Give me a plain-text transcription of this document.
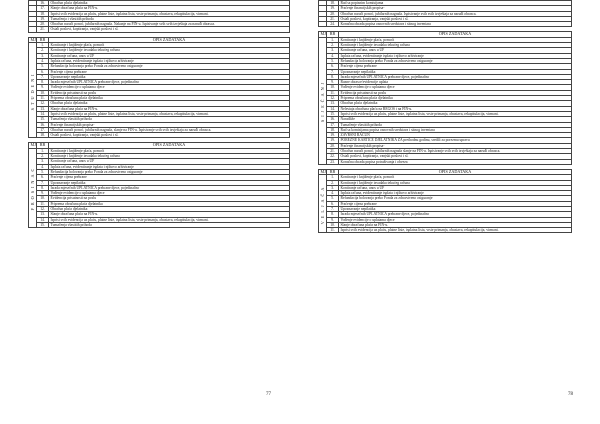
	16.	Obračun plaća djelatnika
	17.	Slanje obračuna plaća na FIN-u.
	18.	Isprisi svih evidencija uz plaću, platne liste, isplatna lista, vrste primanja, obustava, rekapitulacija, virmani.
	19.	Tumačenja i vlastitih prihoda
	20.	Obračun naruči ponoć, jubilarnih nagrada. Nakanje na FIN-u. Ispisivanje svih svih izvještaja za naruđi obrasca.
	21.	Ostali poslovi, koptiranja, vanjski poslovi i sl.
MJ.	RB	OPIS ZADATAKA
STUDENI	1.	Kontiranje i knjiženje plaća, pomoći
	2.	Kontiranje i knjiženje izvadaka tekućeg računa
	3.	Kontiranje računa, unos u UF
	4.	Isplata računa, evidentiranje isplata i njihovo arhiviranje
	5.	Refundacija bolovanja preko Fonda za zdravstveno osiguranje
	6.	Praćenje cijena prehrane
	7.	Upoznavanje nepilatika
	8.	Izrada mjesečnih UPLATNICA prehrane djece, pojedinačno
	9.	Vođenje evidencije o uplatama djece
	10.	Evidencija prisutnosti na poslu
	11.	Priprema obračuna plaća djelatnika
	12.	Obračun plaća djelatnika
	13.	Slanje obračuna plaća na FIN-u.
	14.	Isprisi svih evidencija uz plaću, platne liste, isplatna lista, vrste primanja, obustava, rekapitulacija, virmani.
	15.	Tumačenja vlastitih prihoda
	16.	Praćenje financijskih propisa-
	17.	Obračun naruči ponoć, jubilarnih nagrada, slanje na FIN-u. Ispisivanje svih svih izvještaja za naruđi obrasca.
	18.	Ostali poslovi, koptiranja, vanjski poslovi i sl.
MJ.	RB	OPIS ZADATAKA
PROSINAC	1.	Kontiranje i knjiženje plaća, pomoći
	2.	Kontiranje i knjiženje izvadaka tekućeg računa
	3.	Kontiranje računa, unos u UF
	4.	Isplata računa, evidentiranje isplata i njihovo arhiviranje
	5.	Refundacija bolovanja preko Fonda za zdravstveno osiguranje
	6.	Praćenje cijena prehrane
	7.	Upoznavanje nepilatika
	8.	Izrada mjesečnih UPLATNICA prehrane djece, pojedinačno
	9.	Vođenje evidencije o uplatama djece
	10.	Evidencija prisutnosti na poslu
	11.	Priprema obračuna plaća djelatnika
	12.	Obračun plaća djelatnika
	13.	Slanje obračuna plaća na FIN-u.
	14.	Isprisi svih evidencija uz plaću, platne liste, isplatna lista, vrste primanja, obustava, rekapitulacija, virmani.
	15.	Tumačenja vlastitih prihoda
77
	18.	Rad sa popisnim komisijama
	19.	Praćenje financijskih propisa-
	20.	Obračun naruči ponoć, jubilarnih nagrada. Ispisivanje svih svih izvještaja za naruđi obrasca.
	21.	Ostali poslovi, koptiranja, vanjski poslovi i sl.
	24.	Konačna obrada popisa osnovnih sredstava i sitnog inventara
MJ.	RB	OPIS ZADATAKA
SIJEČANJ	1.	Kontiranje i knjiženje plaća, pomoći
	2.	Kontiranje i knjiženje izvadaka tekućeg računa
	3.	Kontiranje računa, unos u UF
	4.	Isplata računa, evidentiranje isplata i njihovo arhiviranje
	5.	Refundacija bolovanja preko Fonda za zdravstveno osiguranje
	6.	Praćenje cijena prehrane
	7.	Upoznavanje nepilatika
	8.	Izrada mjesečnih UPLATNICA prehrane djece, pojedinačno
	9.	Razne obrasce/evidencije uplata
	10.	Vođenje evidencije o uplatama djece
	11.	Evidencija prisutnosti na poslu
	12.	Priprema obračuna plaća djelatnika
	13.	Obračun plaća djelatnika
	14.	Nelesiuja obračuna plaća na REGOS i na FIN-u.
	15.	Isprisi svih evidencija uz plaću, platne liste, isplatna lista, vrste primanja, obustava, rekapitulacija, virmani.
	16.	Naradliže
	17.	Tumačenje vlastitih prihoda
	18.	Rad sa komisijama popisa osnovnih sredstava i sitnog inventara
	19.	ZAVRŠNI RAČUN
	19.	POREZNE KARTICE DJELATNIKA ZA prethodnu godinu, sredili za porezmu upravu
	20.	Praćenje financijskih propisa-
	21.	Obračun naruči ponoć, jubilarnih nagrada slanje na FIN-u. Ispisivanje svih svih izvještaja za naruđi obrasca.
	22.	Ostali poslovi, koptiranja, vanjski poslovi i sl.
	23.	Konačna obrada popisa potraživanja i obveza
MJ.	RB	OPIS ZADATAKA
VELJAČA	1.	Kontiranje i knjiženje plaća, pomoći
	2.	Kontiranje i knjiženje izvadaka tekućeg računa
	3.	Kontiranje računa, unos u UF
	4.	Isplata računa, evidentiranje isplata i njihovo arhiviranje
	5.	Refundacija bolovanja preko Fonda za zdravstveno osiguranje
	6.	Praćenje cijena prehrane
	7.	Upoznavanje nepilatika
	8.	Izrada mjesečnih UPLATNICA prehrane djece, pojedinačno
	9.	Vođenje evidencije o uplatama djece
	10.	Slanje obračuna plaća na FIN-u.
	11.	Isprisi svih evidencija uz plaću, platne liste, isplatna lista, vrste primanja, obustava, rekapitulacija, virmani.
78
